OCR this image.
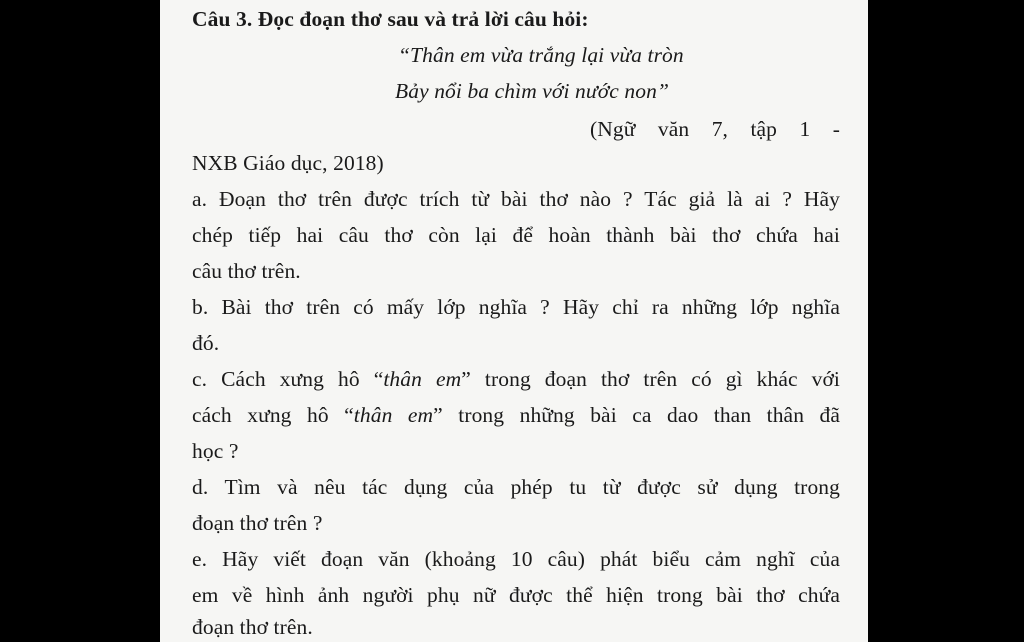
Câu 3. Đọc đoạn thơ sau và trả lời câu hỏi:
“Thân em vừa trắng lại vừa tròn
Bảy nổi ba chìm với nước non”
(Ngữ văn 7, tập 1 -
NXB Giáo dục, 2018)
a. Đoạn thơ trên được trích từ bài thơ nào ? Tác giả là ai ? Hãy
chép tiếp hai câu thơ còn lại để hoàn thành bài thơ chứa hai
câu thơ trên.
b. Bài thơ trên có mấy lớp nghĩa ? Hãy chỉ ra những lớp nghĩa
đó.
c. Cách xưng hô “thân em” trong đoạn thơ trên có gì khác với
cách xưng hô “thân em” trong những bài ca dao than thân đã
học ?
d. Tìm và nêu tác dụng của phép tu từ được sử dụng trong
đoạn thơ trên ?
e. Hãy viết đoạn văn (khoảng 10 câu) phát biểu cảm nghĩ của
em về hình ảnh người phụ nữ được thể hiện trong bài thơ chứa
đoạn thơ trên.
